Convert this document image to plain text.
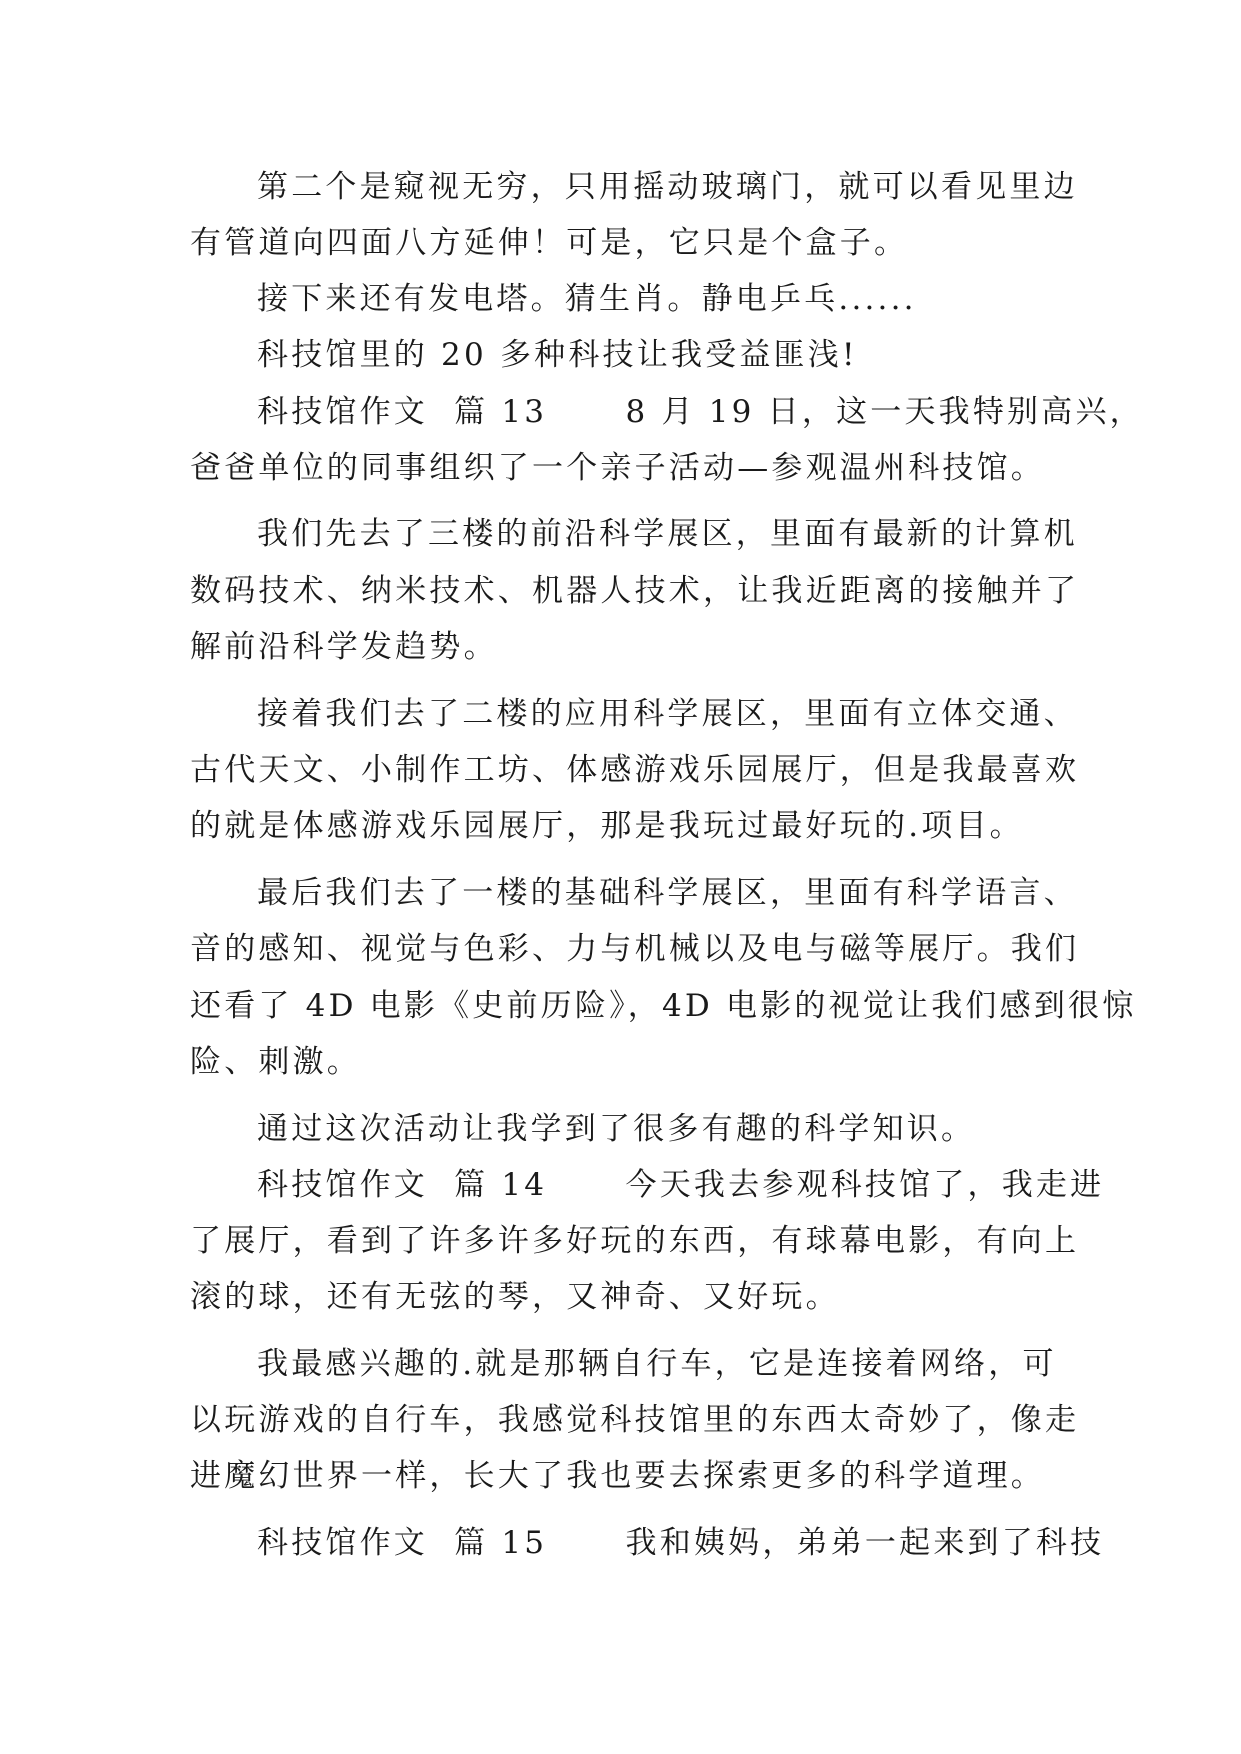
第二个是窥视无穷，只用摇动玻璃门，就可以看见里边
有管道向四面八方延伸！可是，它只是个盒子。
接下来还有发电塔。猜生肖。静电乒乓......
科技馆里的 20 多种科技让我受益匪浅!
科技馆作文  篇 13      8 月 19 日，这一天我特别高兴，
爸爸单位的同事组织了一个亲子活动—参观温州科技馆。
我们先去了三楼的前沿科学展区，里面有最新的计算机
数码技术、纳米技术、机器人技术，让我近距离的接触并了
解前沿科学发趋势。
接着我们去了二楼的应用科学展区，里面有立体交通、
古代天文、小制作工坊、体感游戏乐园展厅，但是我最喜欢
的就是体感游戏乐园展厅，那是我玩过最好玩的.项目。
最后我们去了一楼的基础科学展区，里面有科学语言、
音的感知、视觉与色彩、力与机械以及电与磁等展厅。我们
还看了 4D 电影《史前历险》，4D 电影的视觉让我们感到很惊
险、刺激。
通过这次活动让我学到了很多有趣的科学知识。
科技馆作文  篇 14      今天我去参观科技馆了，我走进
了展厅，看到了许多许多好玩的东西，有球幕电影，有向上
滚的球，还有无弦的琴，又神奇、又好玩。
我最感兴趣的.就是那辆自行车，它是连接着网络，可
以玩游戏的自行车，我感觉科技馆里的东西太奇妙了，像走
进魔幻世界一样，长大了我也要去探索更多的科学道理。
科技馆作文  篇 15      我和姨妈，弟弟一起来到了科技
